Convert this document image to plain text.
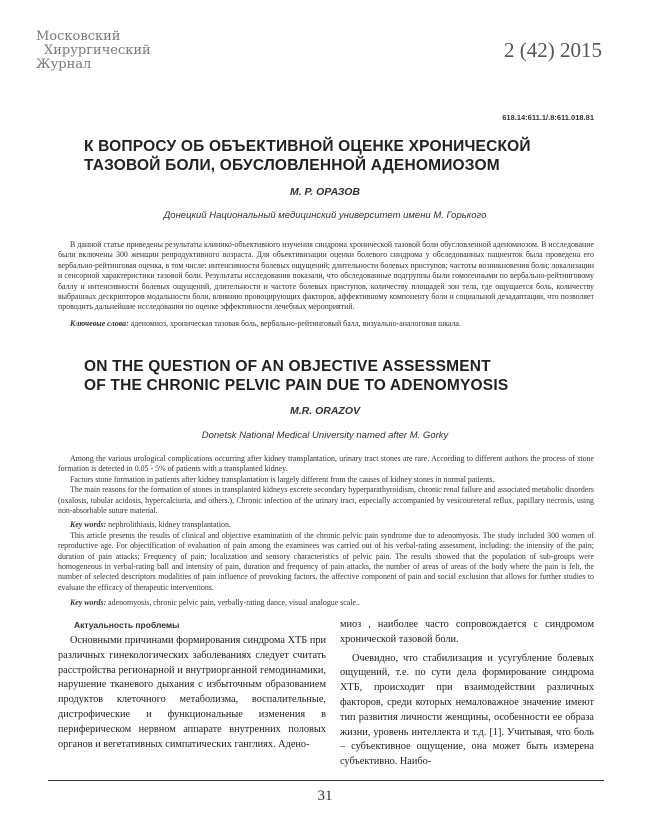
Московский
Хирургический
Журнал
2 (42) 2015
618.14:611.1/.8:611.018.81
К ВОПРОСУ ОБ ОБЪЕКТИВНОЙ ОЦЕНКЕ ХРОНИЧЕСКОЙ
ТАЗОВОЙ БОЛИ, ОБУСЛОВЛЕННОЙ АДЕНОМИОЗОМ
М. Р. ОРАЗОВ
Донецкий Национальный медицинский университет имени М. Горького

В данной статье приведены результаты клинико-объективного изучения синдрома хронической тазовой боли обусловленной аденомиозом. В исследование были включены 300 женщин репродуктивного возраста. Для объективизации оценки болевого синдрома у обследованных пациенток была проведена его вербально-рейтинговая оценка, в том числе: интенсивности болевых ощущений; длительности болевых приступов; частоты возникновения боли; локализации и сенсорной характеристики тазовой боли. Результаты исследования показали, что обследованные подгруппы были гомогенными по вербально-рейтинговому баллу и интенсивности болевых ощущений, длительности и частоте болевых приступов, количеству площадей зон тела, где ощущается боль, количеству выбранных дескрипторов модальности боли, влиянию провоцирующих факторов, аффективному компоненту боли и социальной дезадаптации, что позволяет проводить дальнейшие исследования по оценке эффективности лечебных мероприятий.

Ключевые слова: аденомиоз, хроническая тазовая боль, вербально-рейтинговый балл, визуально-аналоговая шкала.

ON THE QUESTION OF AN OBJECTIVE ASSESSMENT
OF THE CHRONIC PELVIC PAIN DUE TO ADENOMYOSIS
M.R. ORAZOV
Donetsk National Medical University named after M. Gorky

Among the various urological complications occurring after kidney transplantation, urinary tract stones are rare. According to different authors the process of stone formation is detected in 0.05 - 5% of patients with a transplanted kidney.

Factors stone formation in patients after kidney transplantation is largely different from the causes of kidney stones in normal patients.

The main reasons for the formation of stones in transplanted kidneys excrete secondary hyperparathyroidism, chronic renal failure and associated metabolic disorders (oxalosis, tubular acidosis, hypercalciuria, and others.), Chronic infection of the urinary tract, especially accompanied by vesicoureteral reflux, papillary necrosis, using non-absorbable suture material.

Key words: nephrolithiasis, kidney transplantation.

This article presents the results of clinical and objective examination of the chronic pelvic pain syndrome due to adenomyosis. The study included 300 women of reproductive age. For objectification of evaluation of pain among the examinees was carried out of his verbal-rating assessment, including: the intensity of the pain; duration of pain attacks; Frequency of pain; localization and sensory characteristics of pelvic pain. The results showed that the population of sub-groups were homogeneous in verbal-rating ball and intensity of pain, duration and frequency of pain attacks, the number of areas of areas of the body where the pain is felt, the number of selected descriptors modalities of pain influence of provoking factors, the affective component of pain and social exclusion that allows for further studies to evaluate the efficacy of therapeutic interventions.

Key words: adenomyosis, chronic pelvic pain, verbally-rating dance, visual analogue scale..

Актуальность проблемы

Основными причинами формирования синдрома ХТБ при различных гинекологических заболеваниях следует считать расстройства регионарной и внутриорганной гемодинамики, нарушение тканевого дыхания с избыточным образованием продуктов клеточного метаболизма, воспалительные, дистрофические и функциональные изменения в периферическом нервном аппарате внутренних половых органов и вегетативных симпатических ганглиях. Адено-

миоз , наиболее часто сопровождается с синдромом хронической тазовой боли.

Очевидно, что стабилизация и усугубление болевых ощущений, т.е. по сути дела формирование синдрома ХТБ, происходит при взаимодействии различных факторов, среди которых немаловажное значение имеют тип развития личности женщины, особенности ее образа жизни, уровень интеллекта и т.д. [1]. Учитывая, что боль – субъективное ощущение, она может быть измерена субъективно. Наибо-

31
